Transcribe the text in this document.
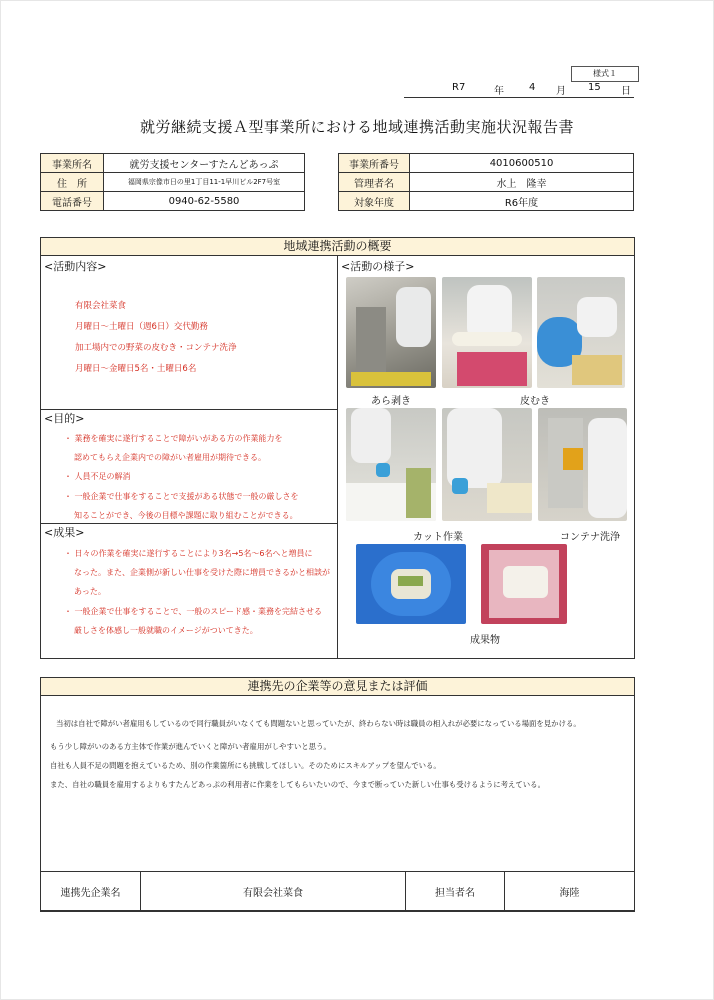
様式１
R7	年	4 月 15 日
就労継続支援Ａ型事業所における地域連携活動実施状況報告書
事業所名	就労支援センターすたんどあっぷ
住　所	福岡県宗像市日の里1丁目11-1早川ビル2F7号室
電話番号	0940-62-5580
事業所番号	4010600510
管理者名	水上　隆幸
対象年度	R6年度
地域連携活動の概要
<活動内容>
有限会社菜食
月曜日～土曜日（週6日）交代勤務
加工場内での野菜の皮むき・コンテナ洗浄
月曜日～金曜日5名・土曜日6名
<目的>
・ 業務を確実に遂行することで障がいがある方の作業能力を
認めてもらえ企業内での障がい者雇用が期待できる。
・ 人員不足の解消
・ 一般企業で仕事をすることで支援がある状態で一般の厳しさを
知ることができ、今後の目標や課題に取り組むことができる。
<成果>
・ 日々の作業を確実に遂行することにより3名→5名～6名へと増員に
なった。また、企業側が新しい仕事を受けた際に増員できるかと相談が
あった。
・ 一般企業で仕事をすることで、一般のスピード感・業務を完結させる
厳しさを体感し一般就職のイメージがついてきた。
<活動の様子>
あら剥き	皮むき
カット作業	コンテナ洗浄
成果物
連携先の企業等の意見または評価
当初は自社で障がい者雇用もしているので同行職員がいなくても問題ないと思っていたが、終わらない時は職員の相入れが必要になっている場面を見かける。
もう少し障がいのある方主体で作業が進んでいくと障がい者雇用がしやすいと思う。
自社も人員不足の問題を抱えているため、別の作業箇所にも挑戦してほしい。そのためにスキルアップを望んでいる。
また、自社の職員を雇用するよりもすたんどあっぷの利用者に作業をしてもらいたいので、今まで断っていた新しい仕事も受けるように考えている。
連携先企業名	有限会社菜食	担当者名	海陸
